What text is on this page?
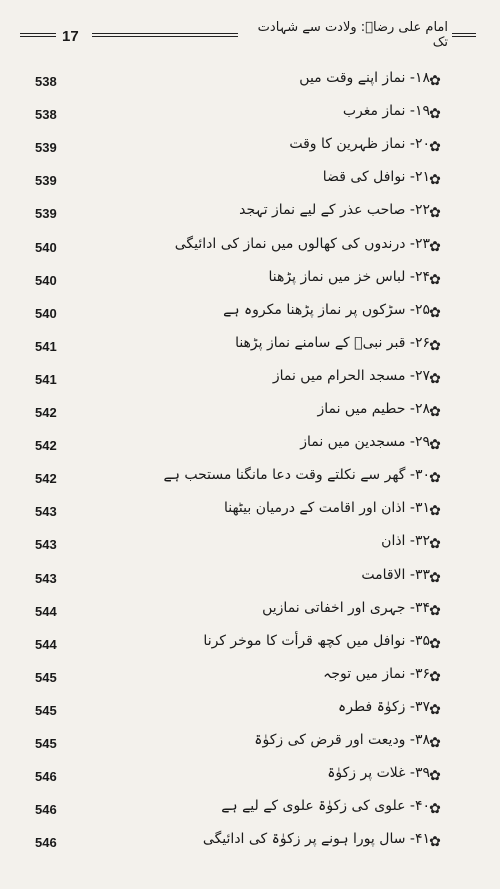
17
امام علی رضاؑ: ولادت سے شہادت تک
538	۱۸- نماز اپنے وقت میں ✿
538	۱۹- نماز مغرب ✿
539	۲۰- نماز ظہرین کا وقت ✿
539	۲۱- نوافل کی قضا ✿
539	۲۲- صاحب عذر کے لیے نماز تہجد ✿
540	۲۳- درندوں کی کھالوں میں نماز کی ادائیگی ✿
540	۲۴- لباس خز میں نماز پڑھنا ✿
540	۲۵- سڑکوں پر نماز پڑھنا مکروہ ہے ✿
541	۲۶- قبر نبیؐ کے سامنے نماز پڑھنا ✿
541	۲۷- مسجد الحرام میں نماز ✿
542	۲۸- حطیم میں نماز ✿
542	۲۹- مسجدین میں نماز ✿
542	۳۰- گھر سے نکلتے وقت دعا مانگنا مستحب ہے ✿
543	۳۱- اذان اور اقامت کے درمیان بیٹھنا ✿
543	۳۲- اذان ✿
543	۳۳- الاقامت ✿
544	۳۴- جہری اور اخفاتی نمازیں ✿
544	۳۵- نوافل میں کچھ قرأت کا موخر کرنا ✿
545	۳۶- نماز میں توجہ ✿
545	۳۷- زکوٰۃ فطرہ ✿
545	۳۸- ودیعت اور قرض کی زکوٰۃ ✿
546	۳۹- غلات پر زکوٰۃ ✿
546	۴۰- علوی کی زکوٰۃ علوی کے لیے ہے ✿
546	۴۱- سال پورا ہونے پر زکوٰۃ کی ادائیگی ✿
